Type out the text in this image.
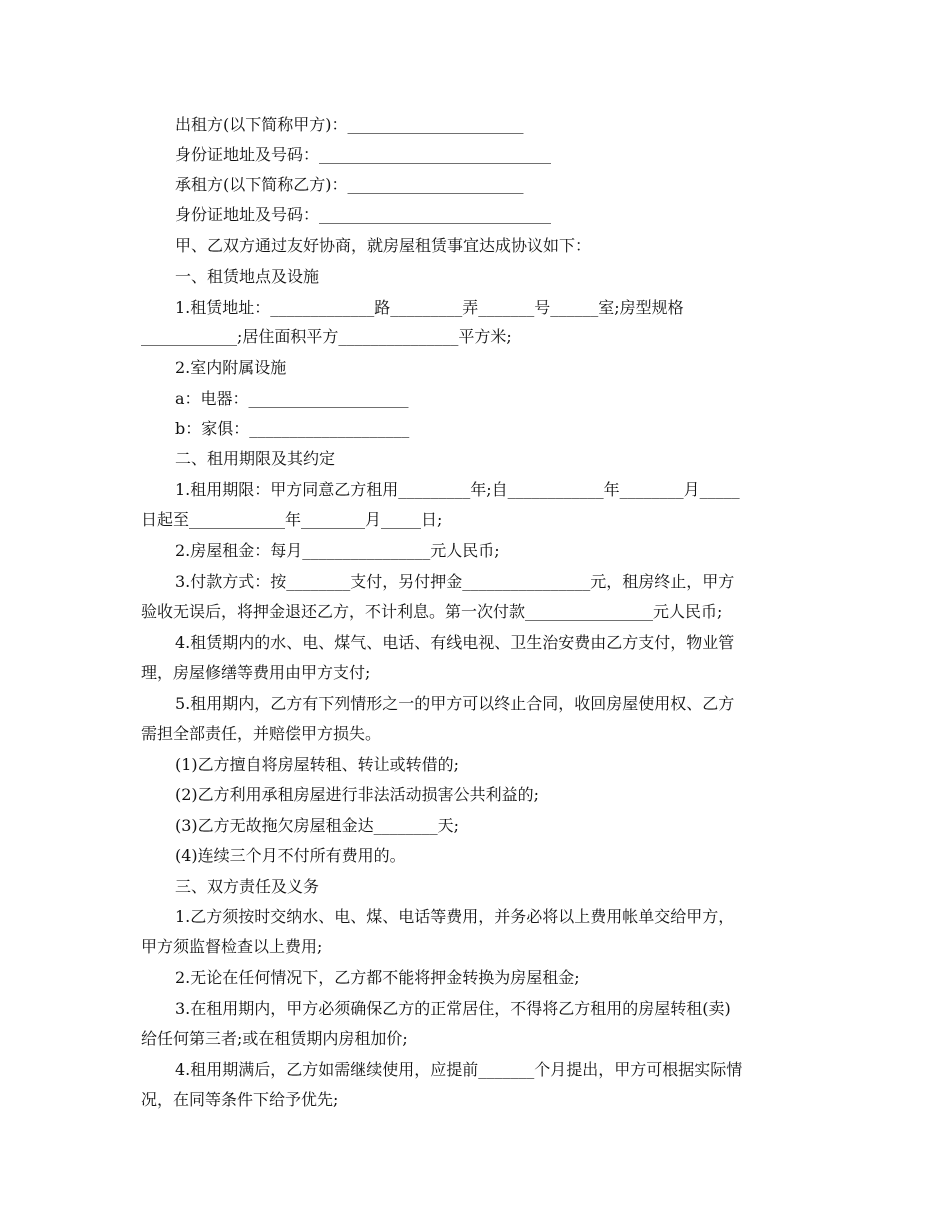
出租方(以下简称甲方)：______________________
身份证地址及号码：_____________________________
承租方(以下简称乙方)：______________________
身份证地址及号码：_____________________________
甲、乙双方通过友好协商，就房屋租赁事宜达成协议如下：
一、租赁地点及设施
1.租赁地址：_____________路_________弄_______号______室;房型规格
____________;居住面积平方_______________平方米;
2.室内附属设施
a：电器：____________________
b：家俱：____________________
二、租用期限及其约定
1.租用期限：甲方同意乙方租用_________年;自____________年________月_____
日起至____________年________月_____日;
2.房屋租金：每月________________元人民币;
3.付款方式：按________支付，另付押金________________元，租房终止，甲方
验收无误后，将押金退还乙方，不计利息。第一次付款________________元人民币;
4.租赁期内的水、电、煤气、电话、有线电视、卫生治安费由乙方支付，物业管
理，房屋修缮等费用由甲方支付;
5.租用期内，乙方有下列情形之一的甲方可以终止合同，收回房屋使用权、乙方
需担全部责任，并赔偿甲方损失。
(1)乙方擅自将房屋转租、转让或转借的;
(2)乙方利用承租房屋进行非法活动损害公共利益的;
(3)乙方无故拖欠房屋租金达________天;
(4)连续三个月不付所有费用的。
三、双方责任及义务
1.乙方须按时交纳水、电、煤、电话等费用，并务必将以上费用帐单交给甲方，
甲方须监督检查以上费用;
2.无论在任何情况下，乙方都不能将押金转换为房屋租金;
3.在租用期内，甲方必须确保乙方的正常居住，不得将乙方租用的房屋转租(卖)
给任何第三者;或在租赁期内房租加价;
4.租用期满后，乙方如需继续使用，应提前_______个月提出，甲方可根据实际情
况，在同等条件下给予优先;
